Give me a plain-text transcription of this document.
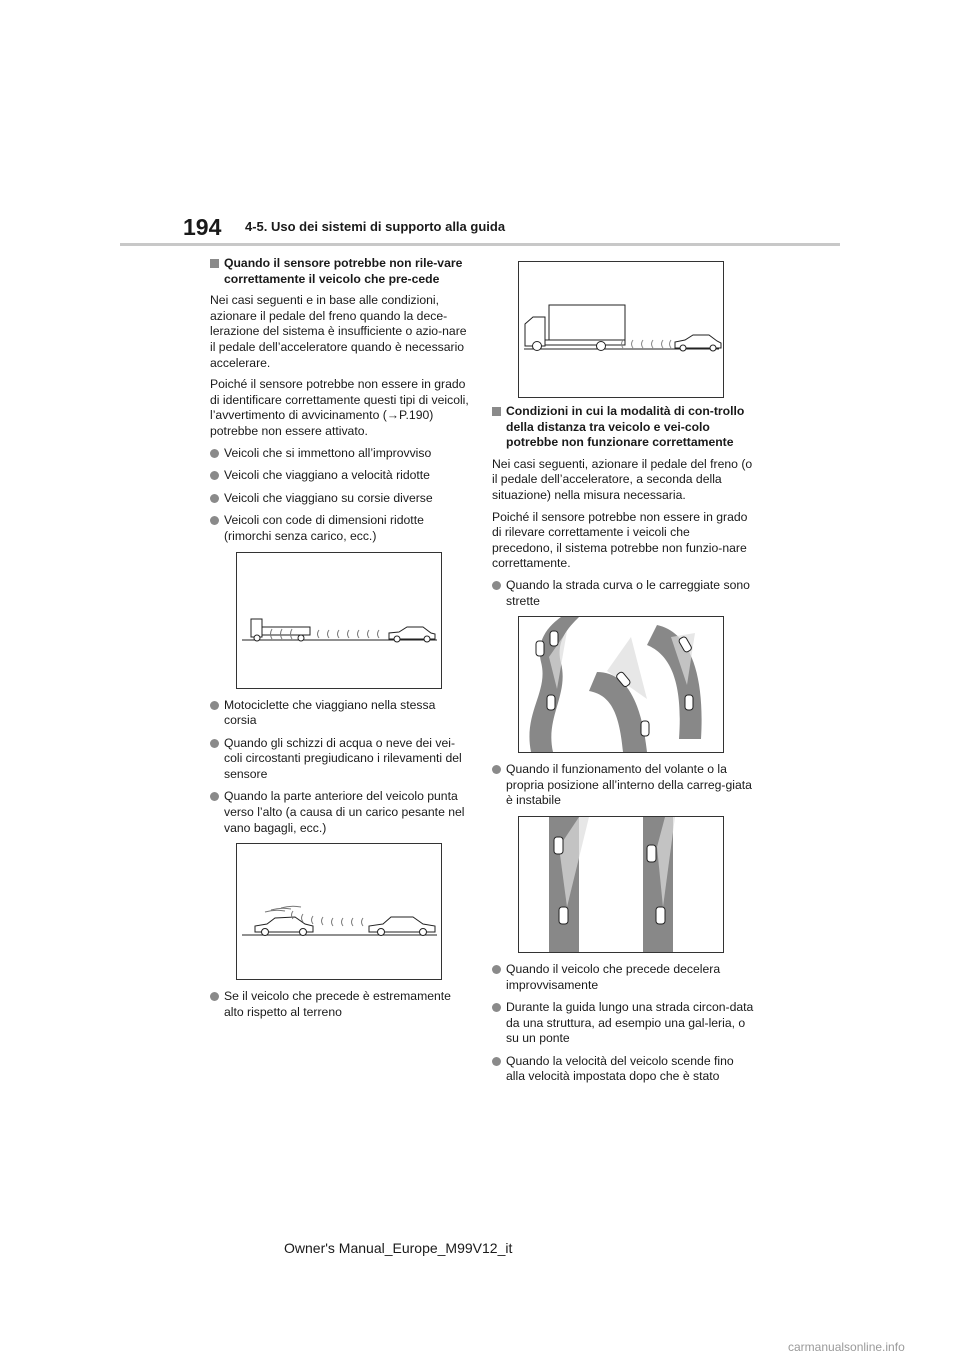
194 4-5. Uso dei sistemi di supporto alla guida
Quando il sensore potrebbe non rile-vare correttamente il veicolo che pre-cede

Nei casi seguenti e in base alle condizioni, azionare il pedale del freno quando la dece-lerazione del sistema è insufficiente o azio-nare il pedale dell’acceleratore quando è necessario accelerare.

Poiché il sensore potrebbe non essere in grado di identificare correttamente questi tipi di veicoli, l’avvertimento di avvicinamento (→P.190) potrebbe non essere attivato.

Veicoli che si immettono all’improvviso
Veicoli che viaggiano a velocità ridotte
Veicoli che viaggiano su corsie diverse
Veicoli con code di dimensioni ridotte (rimorchi senza carico, ecc.)
Motociclette che viaggiano nella stessa corsia
Quando gli schizzi di acqua o neve dei vei-coli circostanti pregiudicano i rilevamenti del sensore
Quando la parte anteriore del veicolo punta verso l’alto (a causa di un carico pesante nel vano bagagli, ecc.)
Se il veicolo che precede è estremamente alto rispetto al terreno
Condizioni in cui la modalità di con-trollo della distanza tra veicolo e vei-colo potrebbe non funzionare correttamente

Nei casi seguenti, azionare il pedale del freno (o il pedale dell’acceleratore, a seconda della situazione) nella misura necessaria.

Poiché il sensore potrebbe non essere in grado di rilevare correttamente i veicoli che precedono, il sistema potrebbe non funzio-nare correttamente.

Quando la strada curva o le carreggiate sono strette
Quando il funzionamento del volante o la propria posizione all’interno della carreg-giata è instabile
Quando il veicolo che precede decelera improvvisamente
Durante la guida lungo una strada circon-data da una struttura, ad esempio una gal-leria, o su un ponte
Quando la velocità del veicolo scende fino alla velocità impostata dopo che è stato
Owner's Manual_Europe_M99V12_it
carmanualsonline.info
